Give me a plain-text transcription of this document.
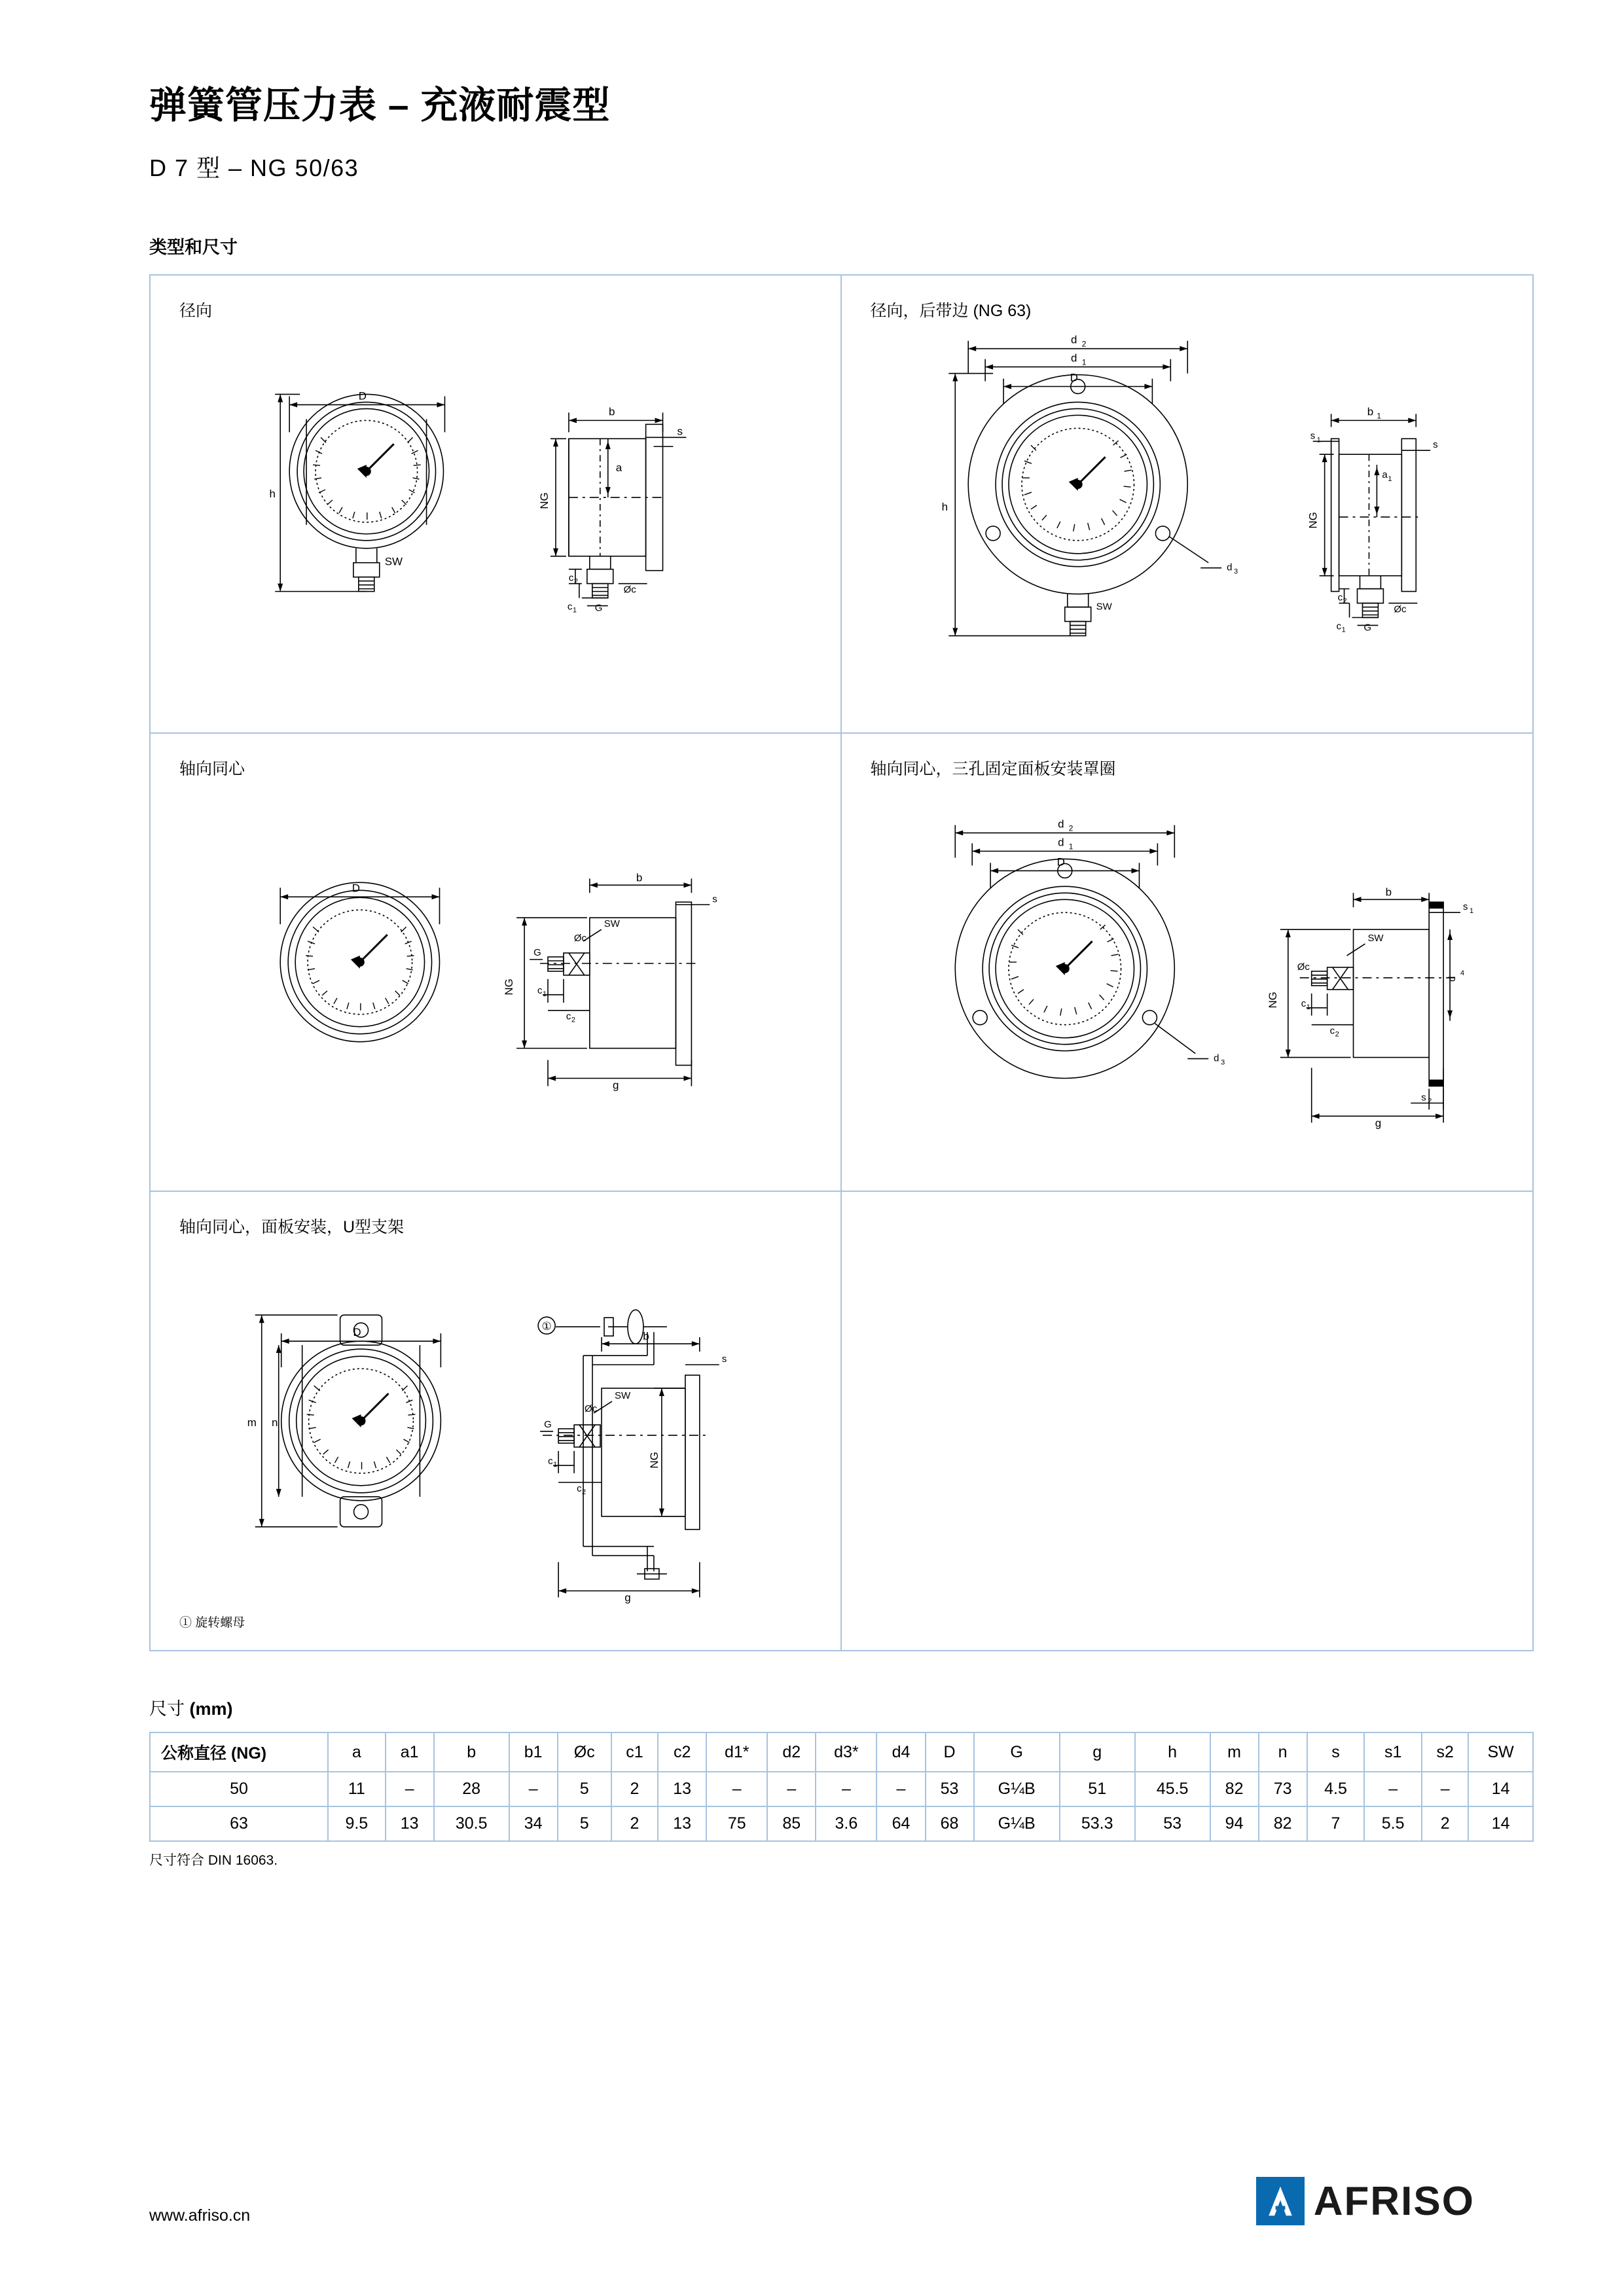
弹簧管压力表 – 充液耐震型
D 7 型 – NG 50/63
类型和尺寸
径向
D
h
b
s
NG
a
SW
c 2
c 1 G
Øc
径向，后带边 (NG 63)
d 2
d 1
D
h
d 3
b 1
s 1	s
NG
a 1
SW
c 2
c 1 G
Øc
轴向同心
D
b
s
NG
g
SW
G
c 1
c 2
Øc
轴向同心，三孔固定面板安装罩圈
d 2
d 1
D
d 3
b
s 1
NG
d
4
s 2
g
SW
Øc
c 1
c 2
轴向同心，面板安装，U型支架
① 旋转螺母
D
m n
b
s
NG
g
SW
G
c 1
c 2
Øc
①
尺寸 (mm)
公称直径 (NG)	a	a1	b	b1	Øc	c1	c2	d1*	d2	d3*	d4	D	G	g	h	m	n	s	s1	s2	SW
50	11	–	28	–	5	2	13	–	–	–	–	53	G¼B	51	45.5	82	73	4.5	–	–	14
63	9.5	13	30.5	34	5	2	13	75	85	3.6	64	68	G¼B	53.3	53	94	82	7	5.5	2	14
尺寸符合 DIN 16063.
www.afriso.cn	AFRISO
